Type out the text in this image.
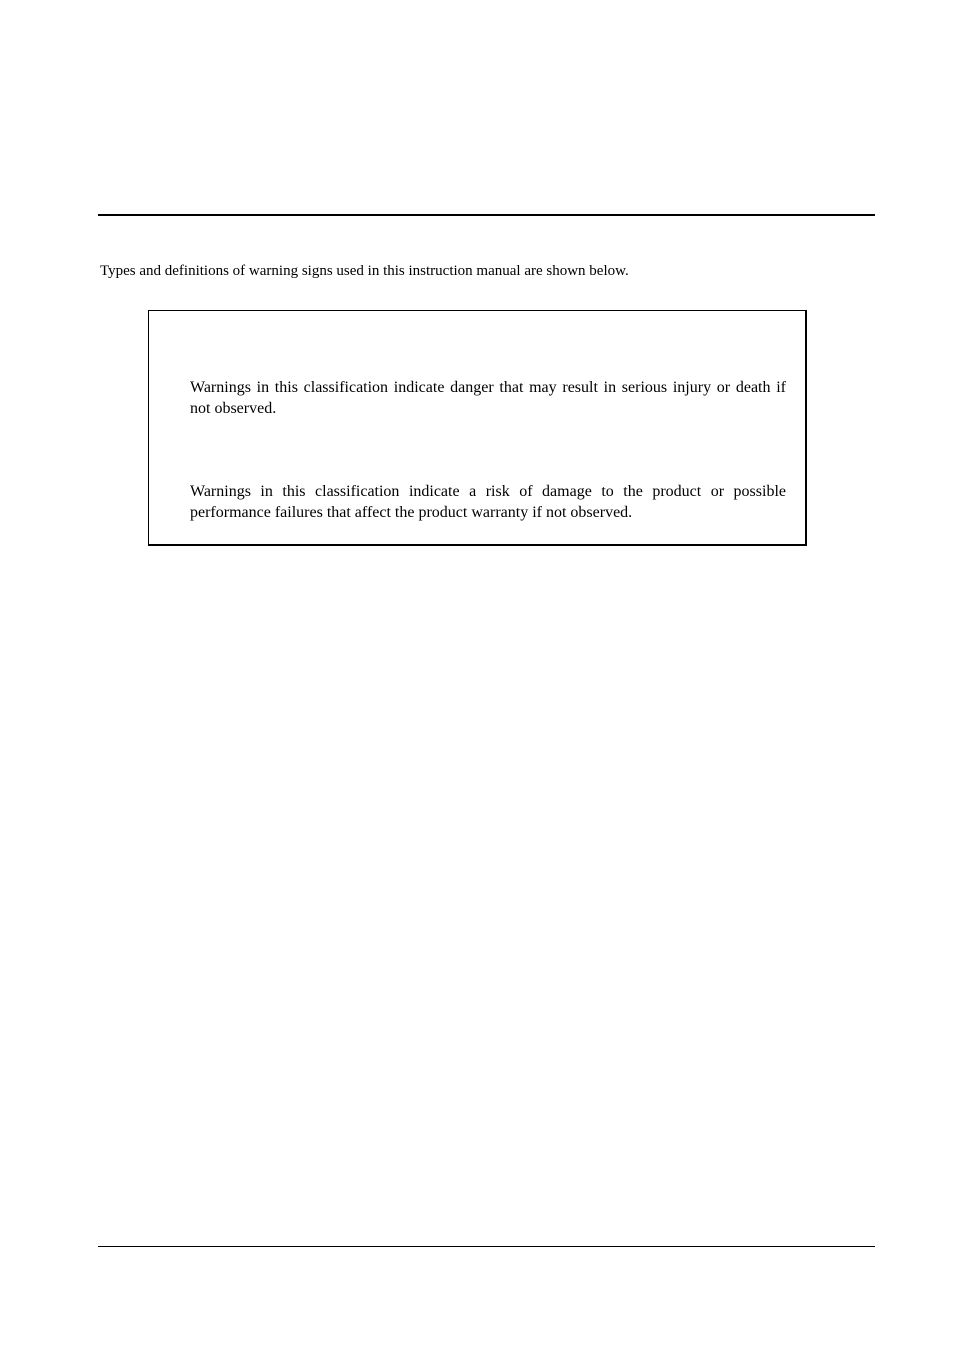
Types and definitions of warning signs used in this instruction manual are shown below.

Warnings in this classification indicate danger that may result in serious injury or death if not observed.

Warnings in this classification indicate a risk of damage to the product or possible performance failures that affect the product warranty if not observed.
